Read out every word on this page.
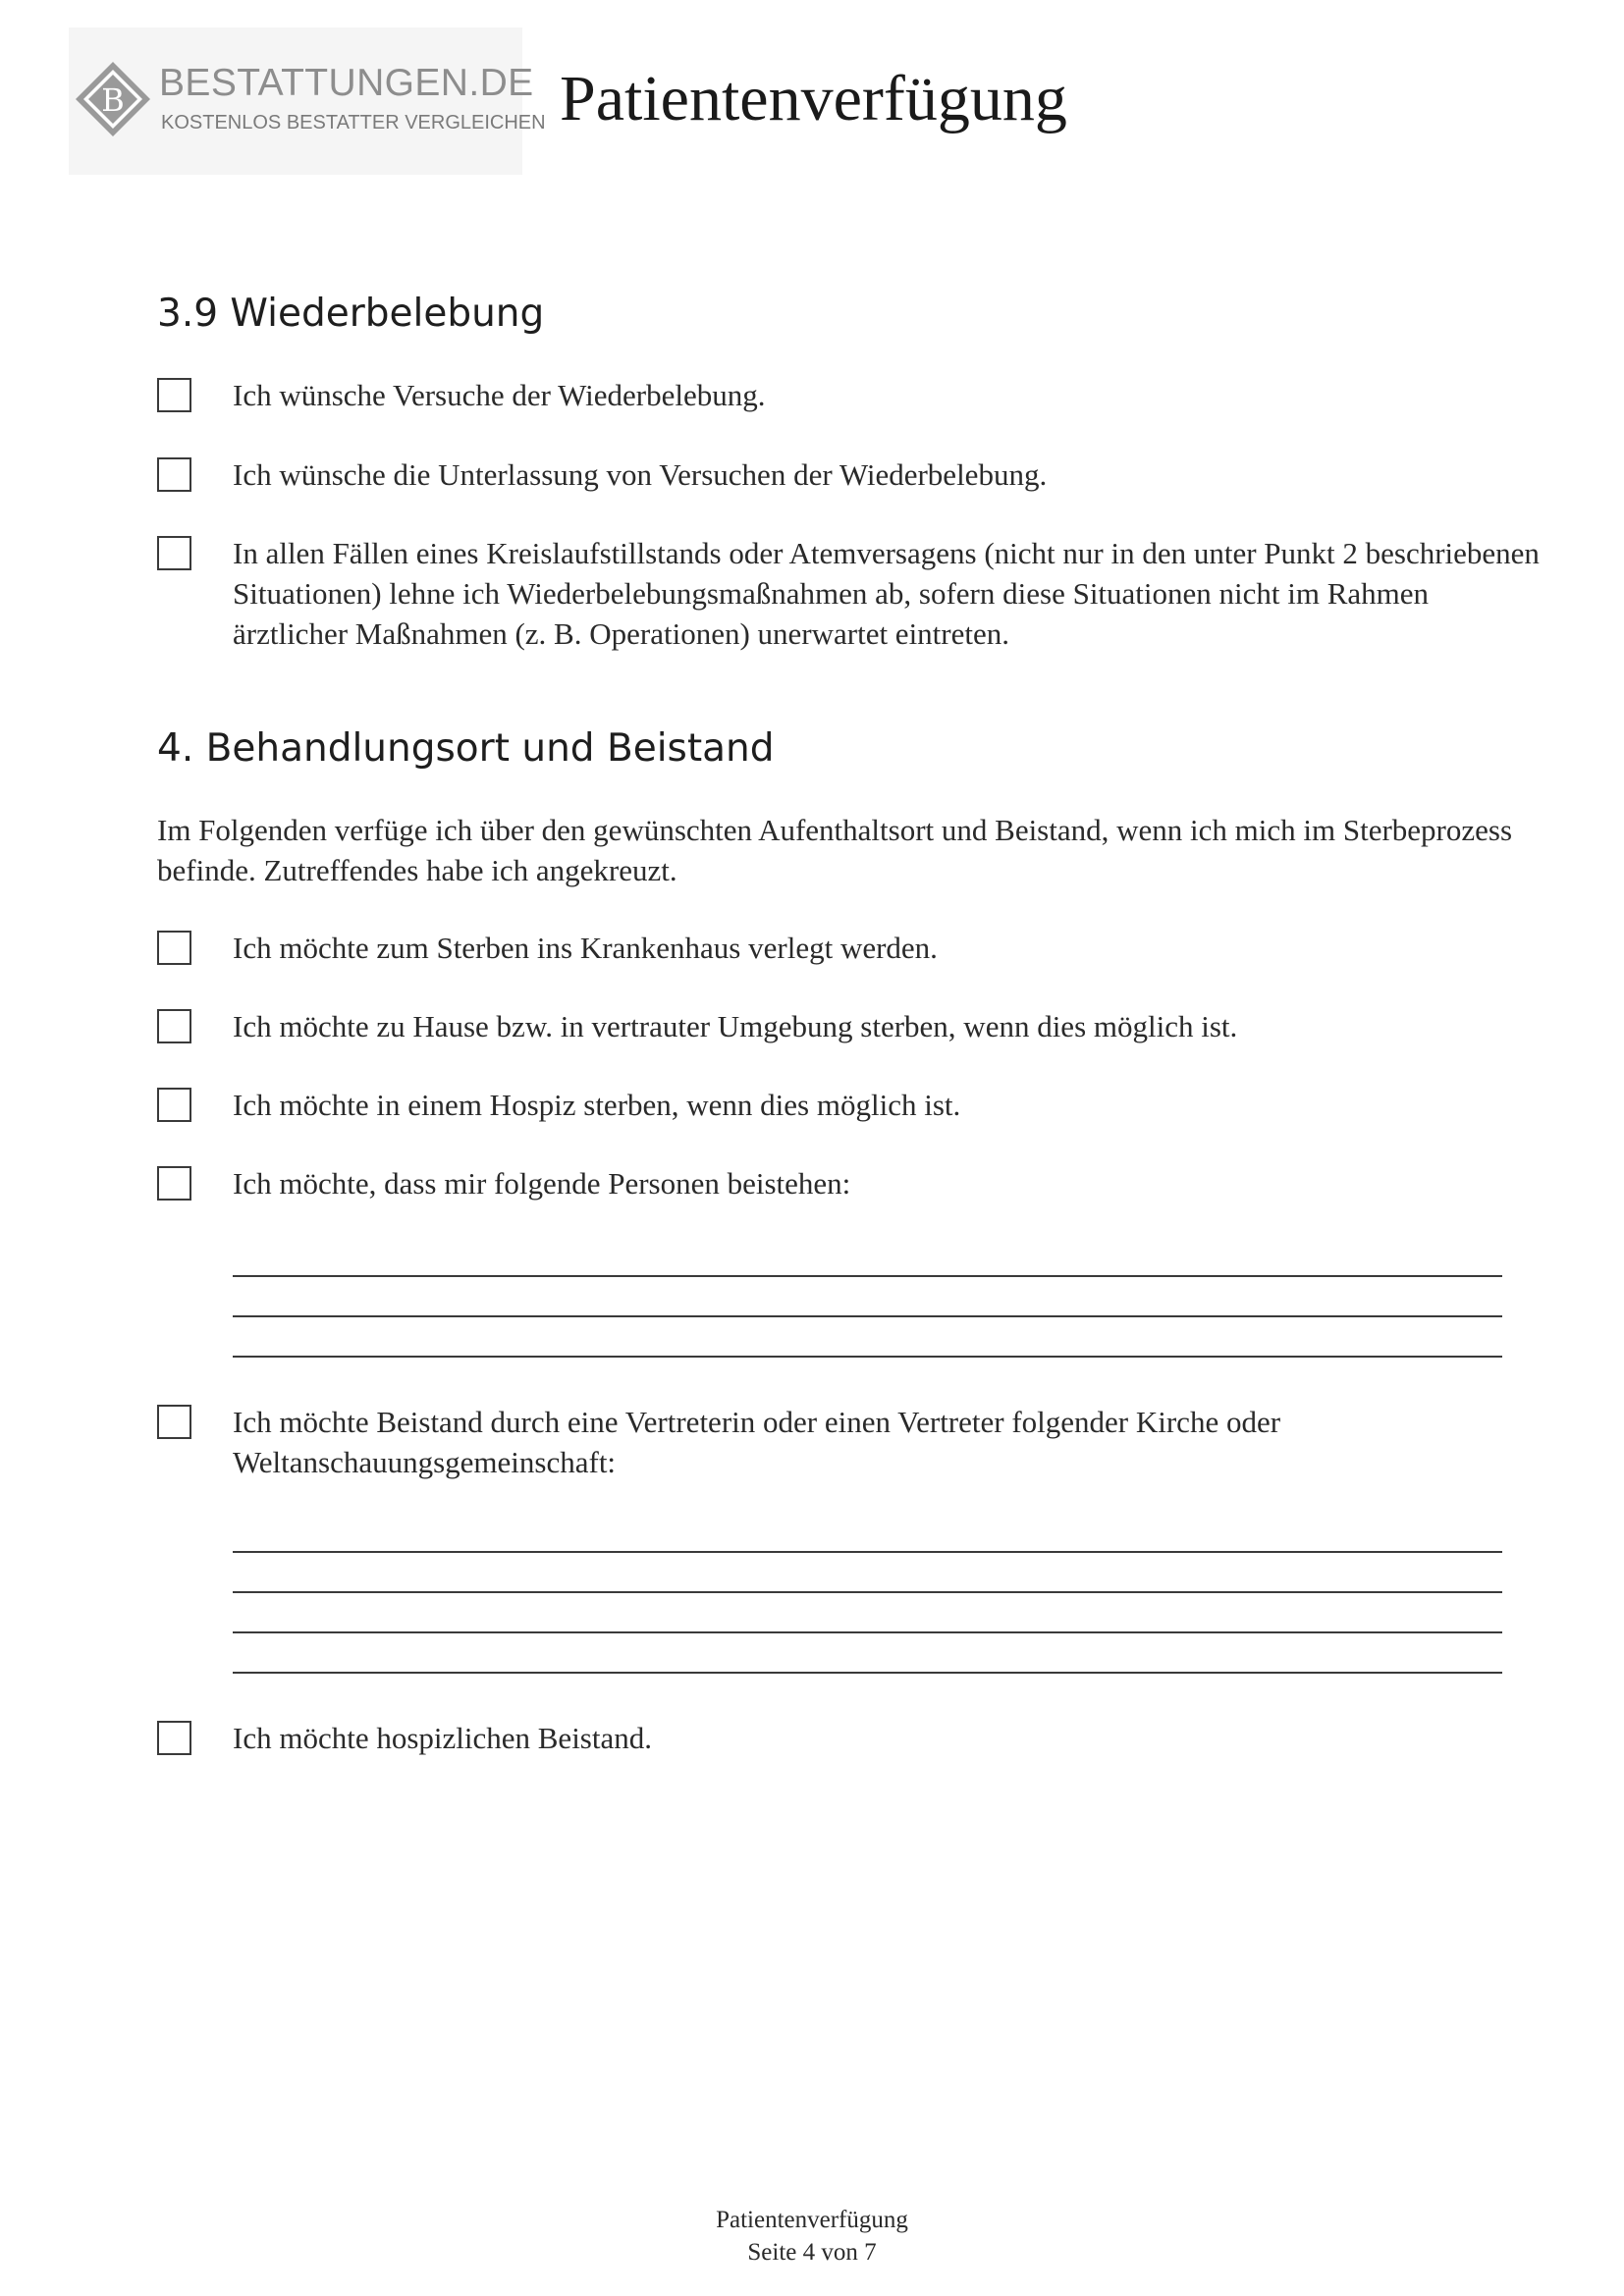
B BESTATTUNGEN.DE
KOSTENLOS BESTATTER VERGLEICHEN Patientenverfügung
3.9 Wiederbelebung
Ich wünsche Versuche der Wiederbelebung.
Ich wünsche die Unterlassung von Versuchen der Wiederbelebung.
In allen Fällen eines Kreislaufstillstands oder Atemversagens (nicht nur in den unter Punkt 2 beschriebenen Situationen) lehne ich Wiederbelebungsmaßnahmen ab, sofern diese Situationen nicht im Rahmen ärztlicher Maßnahmen (z. B. Operationen) unerwartet eintreten.
4. Behandlungsort und Beistand

Im Folgenden verfüge ich über den gewünschten Aufenthaltsort und Beistand, wenn ich mich im Sterbeprozess befinde. Zutreffendes habe ich angekreuzt.

Ich möchte zum Sterben ins Krankenhaus verlegt werden.
Ich möchte zu Hause bzw. in vertrauter Umgebung sterben, wenn dies möglich ist.
Ich möchte in einem Hospiz sterben, wenn dies möglich ist.
Ich möchte, dass mir folgende Personen beistehen:
Ich möchte Beistand durch eine Vertreterin oder einen Vertreter folgender Kirche oder Weltanschauungsgemeinschaft:
Ich möchte hospizlichen Beistand.
Patientenverfügung
Seite 4 von 7
